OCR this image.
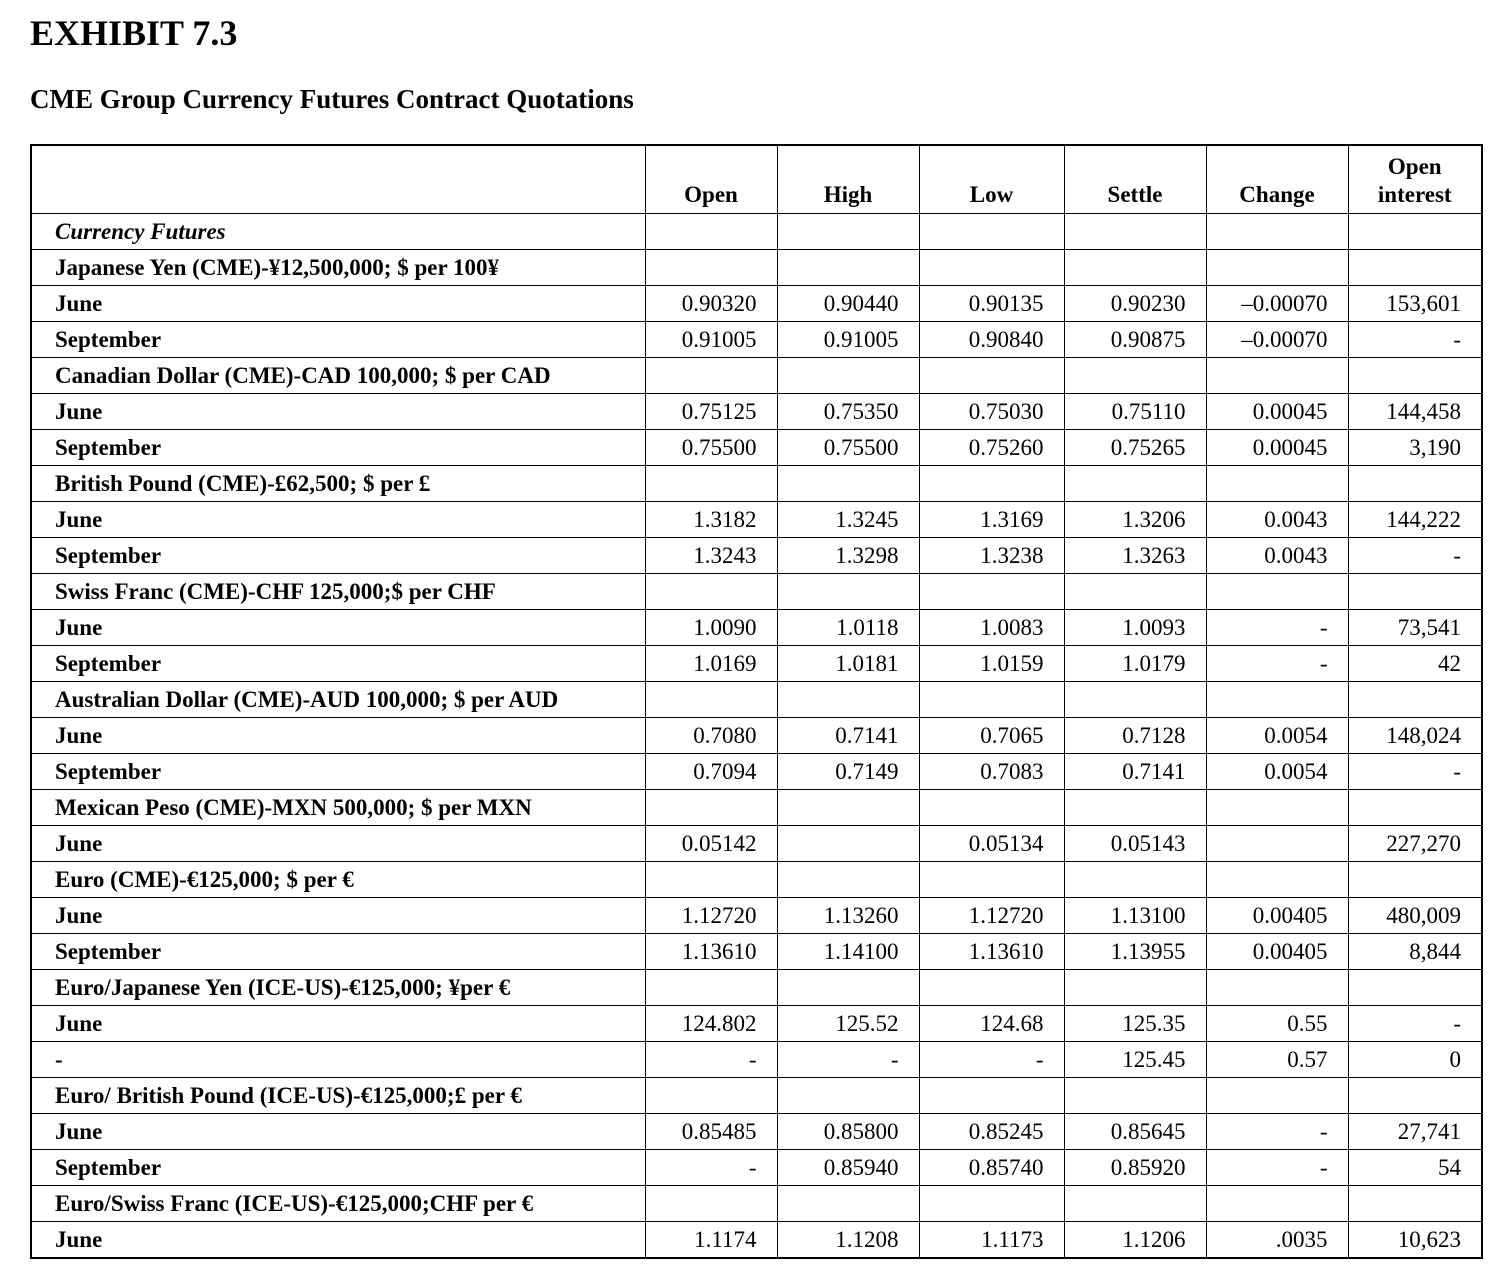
EXHIBIT 7.3
CME Group Currency Futures Contract Quotations
	Open	High	Low	Settle	Change	Open
interest
Currency Futures						
Japanese Yen (CME)-¥12,500,000; $ per 100¥						
June	0.90320	0.90440	0.90135	0.90230	–0.00070	153,601
September	0.91005	0.91005	0.90840	0.90875	–0.00070	-
Canadian Dollar (CME)-CAD 100,000; $ per CAD						
June	0.75125	0.75350	0.75030	0.75110	0.00045	144,458
September	0.75500	0.75500	0.75260	0.75265	0.00045	3,190
British Pound (CME)-£62,500; $ per £						
June	1.3182	1.3245	1.3169	1.3206	0.0043	144,222
September	1.3243	1.3298	1.3238	1.3263	0.0043	-
Swiss Franc (CME)-CHF 125,000;$ per CHF						
June	1.0090	1.0118	1.0083	1.0093	-	73,541
September	1.0169	1.0181	1.0159	1.0179	-	42
Australian Dollar (CME)-AUD 100,000; $ per AUD						
June	0.7080	0.7141	0.7065	0.7128	0.0054	148,024
September	0.7094	0.7149	0.7083	0.7141	0.0054	-
Mexican Peso (CME)-MXN 500,000; $ per MXN						
June	0.05142		0.05134	0.05143		227,270
Euro (CME)-€125,000; $ per €						
June	1.12720	1.13260	1.12720	1.13100	0.00405	480,009
September	1.13610	1.14100	1.13610	1.13955	0.00405	8,844
Euro/Japanese Yen (ICE-US)-€125,000; ¥per €						
June	124.802	125.52	124.68	125.35	0.55	-
-	-	-	-	125.45	0.57	0
Euro/ British Pound (ICE-US)-€125,000;£ per €						
June	0.85485	0.85800	0.85245	0.85645	-	27,741
September	-	0.85940	0.85740	0.85920	-	54
Euro/Swiss Franc (ICE-US)-€125,000;CHF per €						
June	1.1174	1.1208	1.1173	1.1206	.0035	10,623
